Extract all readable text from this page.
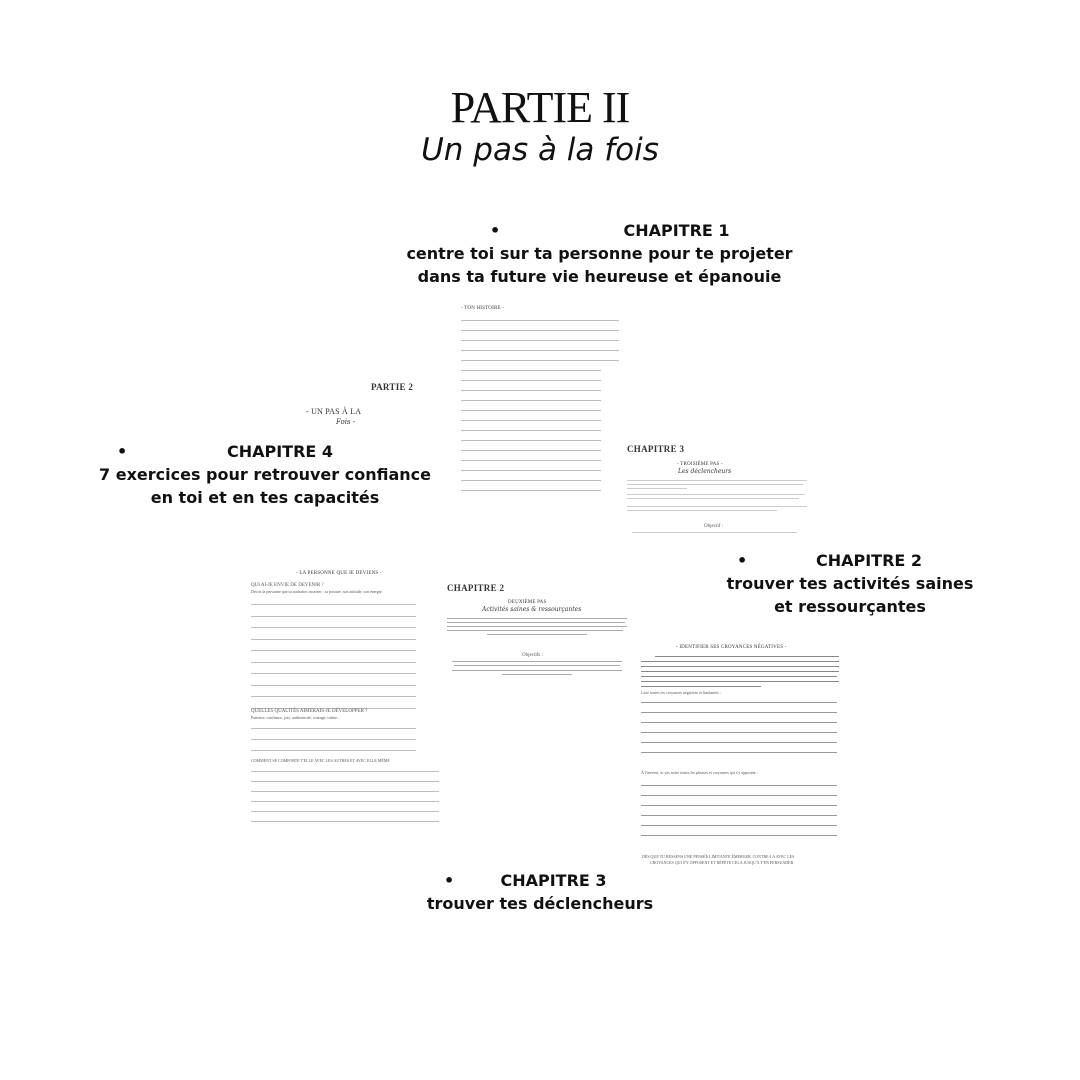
PARTIE II
Un pas à la fois
•	CHAPITRE 1
centre toi sur ta personne pour te projeter
dans ta future vie heureuse et épanouie
•	CHAPITRE 4
7 exercices pour retrouver confiance
en toi et en tes capacités
•	CHAPITRE 2
trouver tes activités saines
et ressourçantes
•	CHAPITRE 3
trouver tes déclencheurs
- TON HISTOIRE -
PARTIE 2
- UN PAS À LA
Fois -
CHAPITRE 3
- TROISIÈME PAS -
Les déclencheurs
Objectif :
- LA PERSONNE QUE JE DEVIENS -
QUI AI-JE ENVIE DE DEVENIR ?
Décris la personne que tu souhaites incarner : sa posture, son attitude, son énergie.
QUELLES QUALITÉS AIMERAIS-JE DÉVELOPPER ?
Patience, confiance, joie, authenticité, courage, calme...
COMMENT SE COMPORTE T'ELLE AVEC LES AUTRES ET AVEC ELLE MÊME
CHAPITRE 2
DEUXIÈME PAS
Activités saines & ressourçantes
Objectifs :
- IDENTIFIER SES CROYANCES NÉGATIVES -
Liste toutes tes croyances négatives et limitantes :
À l'inverse, tu vas noter toutes les phrases et croyances qui s'y opposent :
DÈS QUE TU RESSENS UNE PENSÉE LIMITANTE ÉMERGER, CONTRE-LA AVEC LES
CROYANCES QUI S'Y OPPOSENT ET RÉPÈTE CELA JUSQU'À T'EN PERSUADER.
